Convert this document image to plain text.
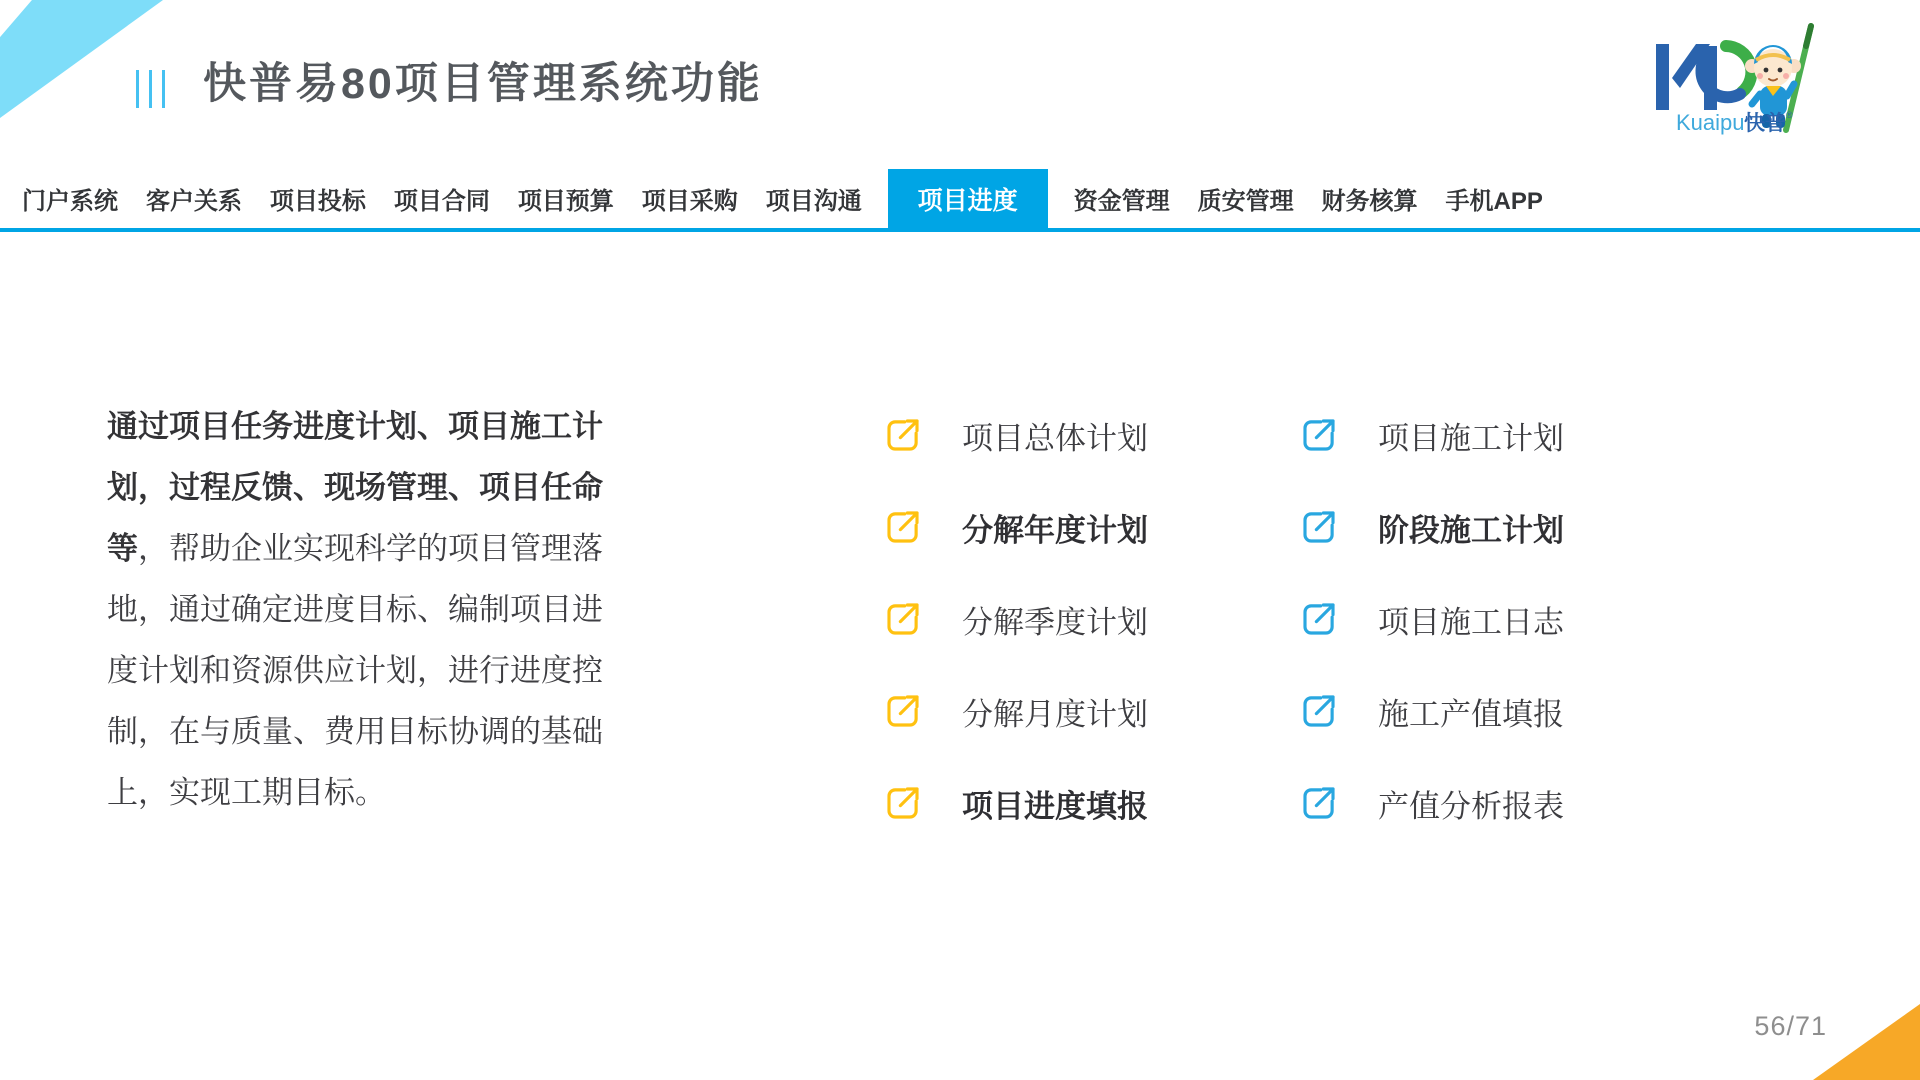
快普易80项目管理系统功能
Kuaipu 快普 ®
门户系统 客户关系 项目投标 项目合同 项目预算 项目采购 项目沟通	项目进度	资金管理 质安管理 财务核算 手机APP
通过项目任务进度计划、项目施工计划，过程反馈、现场管理、项目任命等，帮助企业实现科学的项目管理落地，通过确定进度目标、编制项目进度计划和资源供应计划，进行进度控制，在与质量、费用目标协调的基础上，实现工期目标。
项目总体计划
分解年度计划
分解季度计划
分解月度计划
项目进度填报
项目施工计划
阶段施工计划
项目施工日志
施工产值填报
产值分析报表
56/71
